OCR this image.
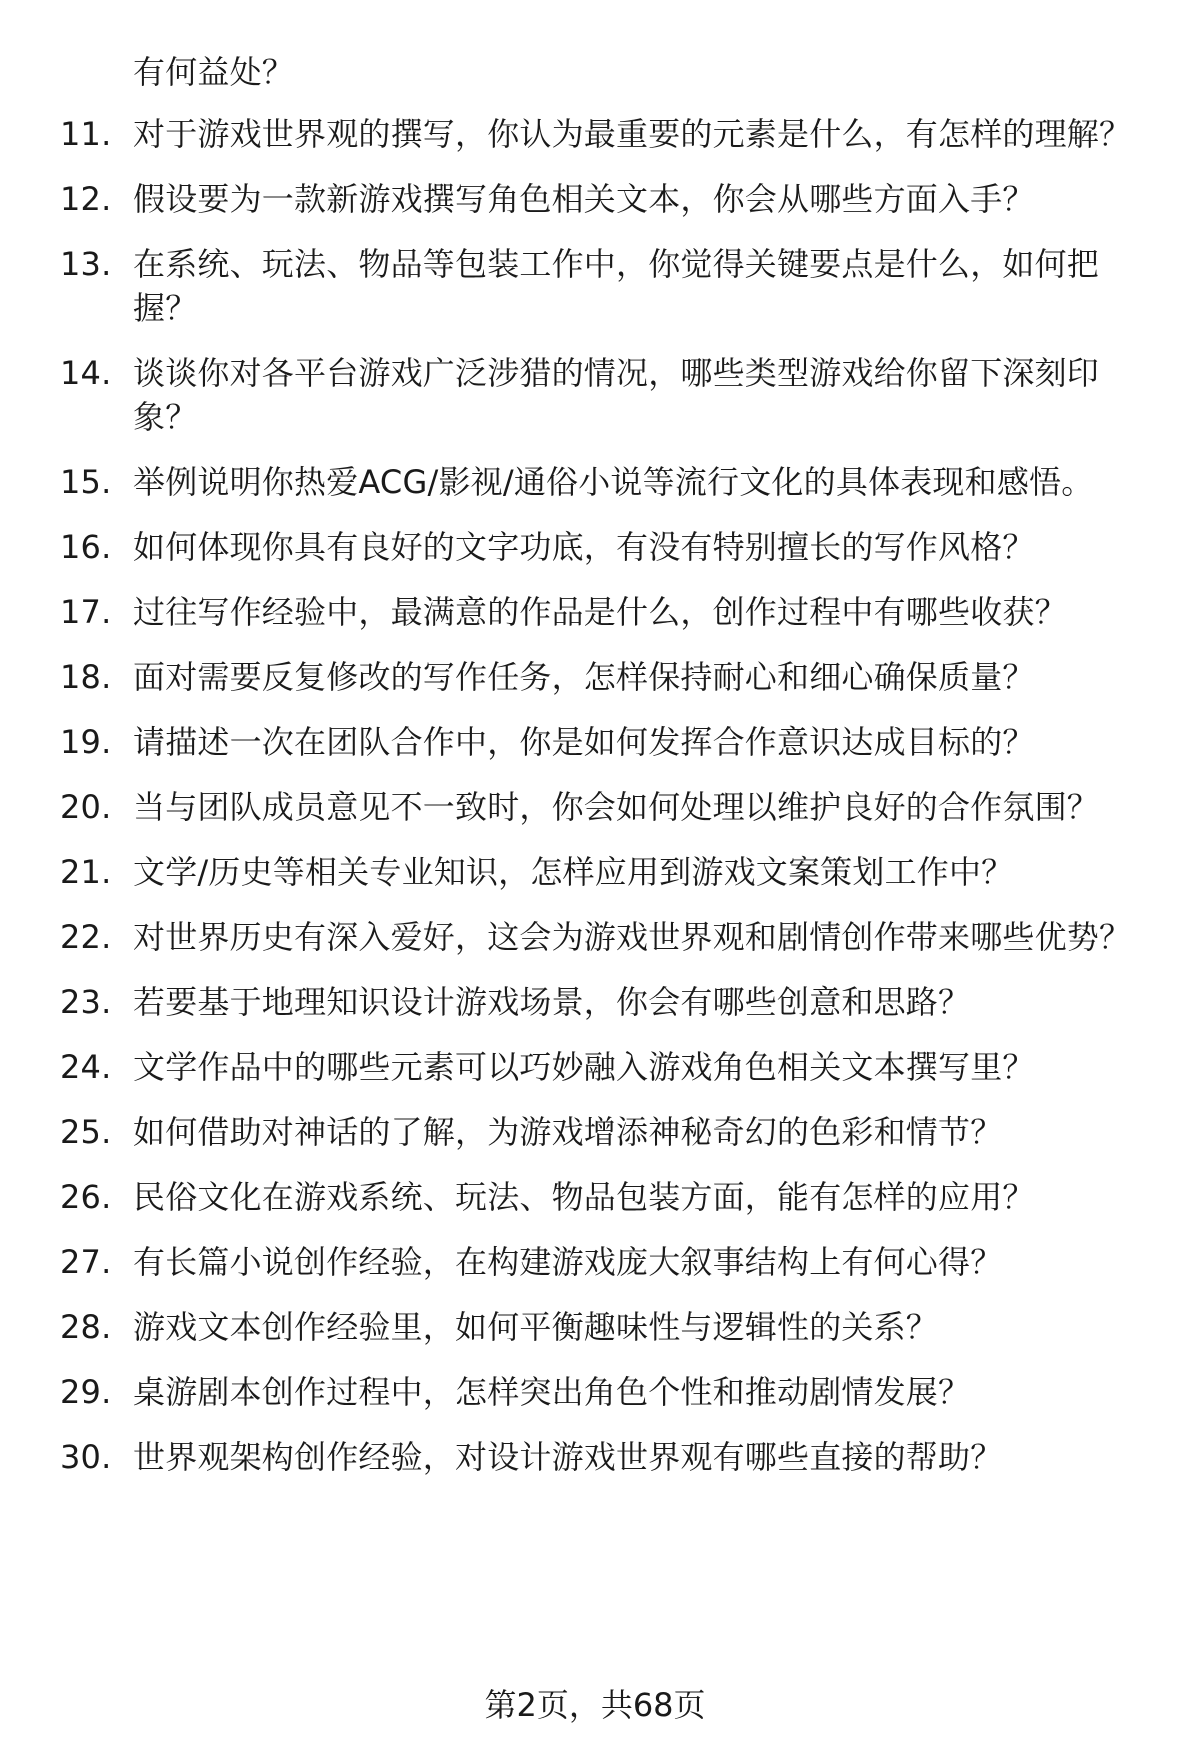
有何益处？
11. 对于游戏世界观的撰写，你认为最重要的元素是什么，有怎样的理解？
12. 假设要为一款新游戏撰写角色相关文本，你会从哪些方面入手？
13. 在系统、玩法、物品等包装工作中，你觉得关键要点是什么，如何把握？
14. 谈谈你对各平台游戏广泛涉猎的情况，哪些类型游戏给你留下深刻印象？
15. 举例说明你热爱ACG/影视/通俗小说等流行文化的具体表现和感悟。
16. 如何体现你具有良好的文字功底，有没有特别擅长的写作风格？
17. 过往写作经验中，最满意的作品是什么，创作过程中有哪些收获？
18. 面对需要反复修改的写作任务，怎样保持耐心和细心确保质量？
19. 请描述一次在团队合作中，你是如何发挥合作意识达成目标的？
20. 当与团队成员意见不一致时，你会如何处理以维护良好的合作氛围？
21. 文学/历史等相关专业知识，怎样应用到游戏文案策划工作中？
22. 对世界历史有深入爱好，这会为游戏世界观和剧情创作带来哪些优势？
23. 若要基于地理知识设计游戏场景，你会有哪些创意和思路？
24. 文学作品中的哪些元素可以巧妙融入游戏角色相关文本撰写里？
25. 如何借助对神话的了解，为游戏增添神秘奇幻的色彩和情节？
26. 民俗文化在游戏系统、玩法、物品包装方面，能有怎样的应用？
27. 有长篇小说创作经验，在构建游戏庞大叙事结构上有何心得？
28. 游戏文本创作经验里，如何平衡趣味性与逻辑性的关系？
29. 桌游剧本创作过程中，怎样突出角色个性和推动剧情发展？
30. 世界观架构创作经验，对设计游戏世界观有哪些直接的帮助？
第2页，共68页
